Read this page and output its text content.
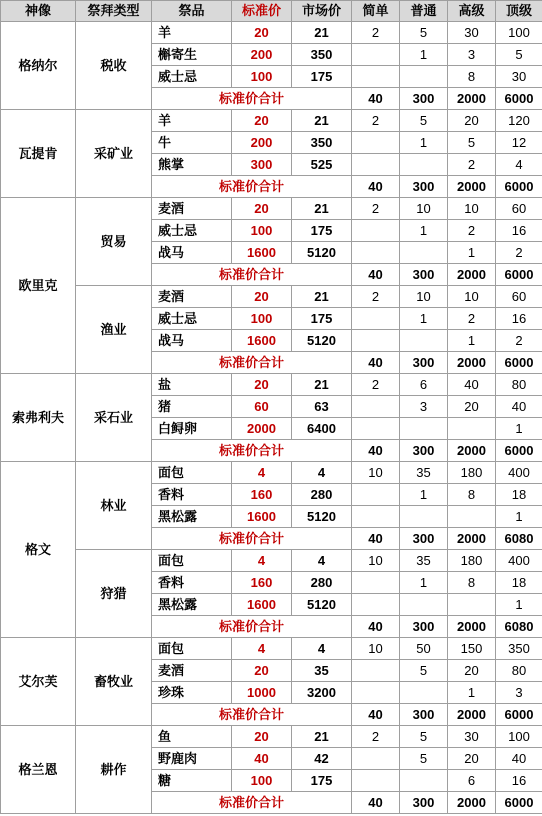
神像	祭拜类型	祭品	标准价	市场价	简单	普通	高级	顶级
格纳尔	税收	羊	20	21	2	5	30	100
		槲寄生	200	350		1	3	5
		威士忌	100	175			8	30
		标准价合计			40	300	2000	6000
瓦提肯	采矿业	羊	20	21	2	5	20	120
		牛	200	350		1	5	12
		熊掌	300	525			2	4
		标准价合计			40	300	2000	6000
欧里克	贸易	麦酒	20	21	2	10	10	60
		威士忌	100	175		1	2	16
		战马	1600	5120			1	2
		标准价合计			40	300	2000	6000
	渔业	麦酒	20	21	2	10	10	60
		威士忌	100	175		1	2	16
		战马	1600	5120			1	2
		标准价合计			40	300	2000	6000
索弗利夫	采石业	盐	20	21	2	6	40	80
		猪	60	63		3	20	40
		白鲟卵	2000	6400				1
		标准价合计			40	300	2000	6000
格文	林业	面包	4	4	10	35	180	400
		香料	160	280		1	8	18
		黑松露	1600	5120				1
		标准价合计			40	300	2000	6080
	狩猎	面包	4	4	10	35	180	400
		香料	160	280		1	8	18
		黑松露	1600	5120				1
		标准价合计			40	300	2000	6080
艾尔芙	畜牧业	面包	4	4	10	50	150	350
		麦酒	20	35		5	20	80
		珍珠	1000	3200			1	3
		标准价合计			40	300	2000	6000
格兰恩	耕作	鱼	20	21	2	5	30	100
		野鹿肉	40	42		5	20	40
		糖	100	175			6	16
		标准价合计			40	300	2000	6000
